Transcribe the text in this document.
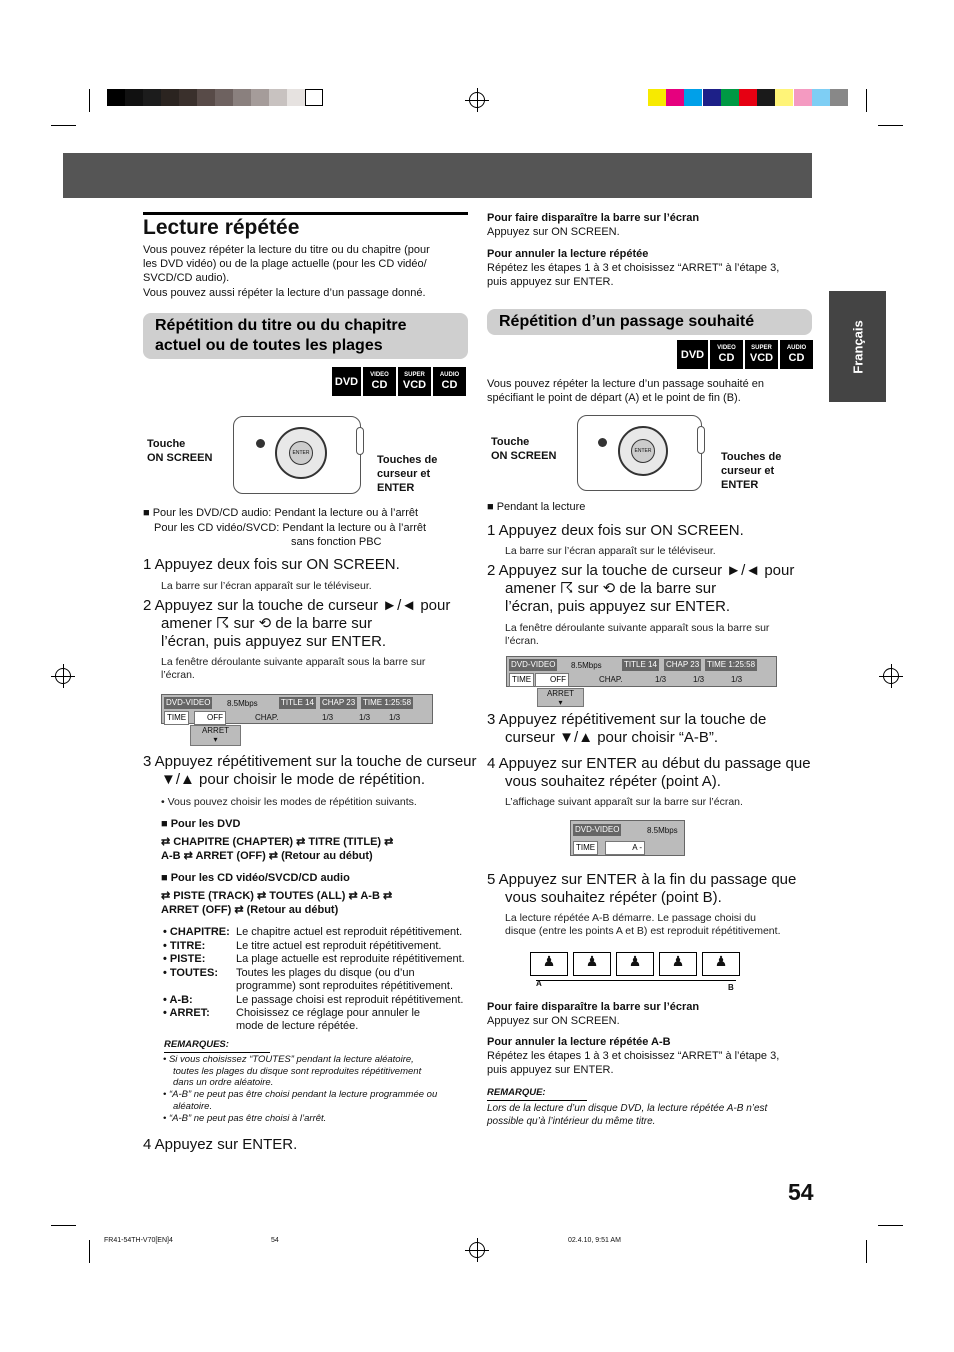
Français
Lecture répétée

Vous pouvez répéter la lecture du titre ou du chapitre (pour

les DVD vidéo) ou de la plage actuelle (pour les CD vidéo/

SVCD/CD audio).

Vous pouvez aussi répéter la lecture d’un passage donné.

Répétition du titre ou du chapitre
actuel ou de toutes les plages
DVD
VIDEO
CD
SUPER
VCD
AUDIO
CD
ENTER
Touche
ON SCREEN	Touches de
curseur et
ENTER

■ Pour les DVD/CD audio: Pendant la lecture ou à l’arrêt

Pour les CD vidéo/SVCD: Pendant la lecture ou à l’arrêt

sans fonction PBC

1 Appuyez deux fois sur ON SCREEN.
La barre sur l’écran apparaît sur le téléviseur.
2 Appuyez sur la touche de curseur ►/◄ pour
amener ☈ sur ⟲ de la barre sur
l’écran, puis appuyez sur ENTER.
La fenêtre déroulante suivante apparaît sous la barre sur
l’écran.
DVD-VIDEO 8.5Mbps	TITLE 14 CHAP 23 TIME 1:25:58
TIME	OFF	CHAP.	1/3	1/3 1/3
ARRET
▾
3 Appuyez répétitivement sur la touche de curseur
▼/▲ pour choisir le mode de répétition.
• Vous pouvez choisir les modes de répétition suivants.
■ Pour les DVD
⇄ CHAPITRE (CHAPTER) ⇄ TITRE (TITLE) ⇄
A-B ⇄ ARRET (OFF) ⇄ (Retour au début)
■ Pour les CD vidéo/SVCD/CD audio
⇄ PISTE (TRACK) ⇄ TOUTES (ALL) ⇄ A-B ⇄
ARRET (OFF) ⇄ (Retour au début)
• CHAPITRE: Le chapitre actuel est reproduit répétitivement.
• TITRE:	Le titre actuel est reproduit répétitivement.
• PISTE:	La plage actuelle est reproduite répétitivement.
• TOUTES: Toutes les plages du disque (ou d’un
programme) sont reproduites répétitivement.
• A-B:	Le passage choisi est reproduit répétitivement.
• ARRET: Choisissez ce réglage pour annuler le
mode de lecture répétée.
REMARQUES:
• Si vous choisissez “TOUTES” pendant la lecture aléatoire,
toutes les plages du disque sont reproduites répétitivement
dans un ordre aléatoire.
• “A-B” ne peut pas être choisi pendant la lecture programmée ou
aléatoire.
• “A-B” ne peut pas être choisi à l’arrêt.
4 Appuyez sur ENTER.
Pour faire disparaître la barre sur l’écran

Appuyez sur ON SCREEN.

Pour annuler la lecture répétée

Répétez les étapes 1 à 3 et choisissez “ARRET” à l’étape 3,

puis appuyez sur ENTER.

Répétition d’un passage souhaité
DVD
VIDEO
CD
SUPER
VCD
AUDIO
CD

Vous pouvez répéter la lecture d’un passage souhaité en

spécifiant le point de départ (A) et le point de fin (B).

ENTER
Touche
ON SCREEN	Touches de
curseur et
ENTER

■ Pendant la lecture

1 Appuyez deux fois sur ON SCREEN.
La barre sur l’écran apparaît sur le téléviseur.
2 Appuyez sur la touche de curseur ►/◄ pour
amener ☈ sur ⟲ de la barre sur
l’écran, puis appuyez sur ENTER.
La fenêtre déroulante suivante apparaît sous la barre sur
l’écran.
DVD-VIDEO 8.5Mbps	TITLE 14 CHAP 23 TIME 1:25:58
TIME	OFF	CHAP.	1/3	1/3	1/3
ARRET
▾
3 Appuyez répétitivement sur la touche de
curseur ▼/▲ pour choisir “A-B”.
4 Appuyez sur ENTER au début du passage que
vous souhaitez répéter (point A).
L’affichage suivant apparaît sur la barre sur l’écran.
DVD-VIDEO	8.5Mbps
TIME	A -
5 Appuyez sur ENTER à la fin du passage que
vous souhaitez répéter (point B).
La lecture répétée A-B démarre. Le passage choisi du
disque (entre les points A et B) est reproduit répétitivement.
♟	♟	♟	♟	♟
A	B
Pour faire disparaître la barre sur l’écran

Appuyez sur ON SCREEN.

Pour annuler la lecture répétée A-B

Répétez les étapes 1 à 3 et choisissez “ARRET” à l’étape 3,

puis appuyez sur ENTER.

REMARQUE:

Lors de la lecture d’un disque DVD, la lecture répétée A-B n’est

possible qu’à l’intérieur du même titre.

54
FR41-54TH-V70[EN]4	54	02.4.10, 9:51 AM
